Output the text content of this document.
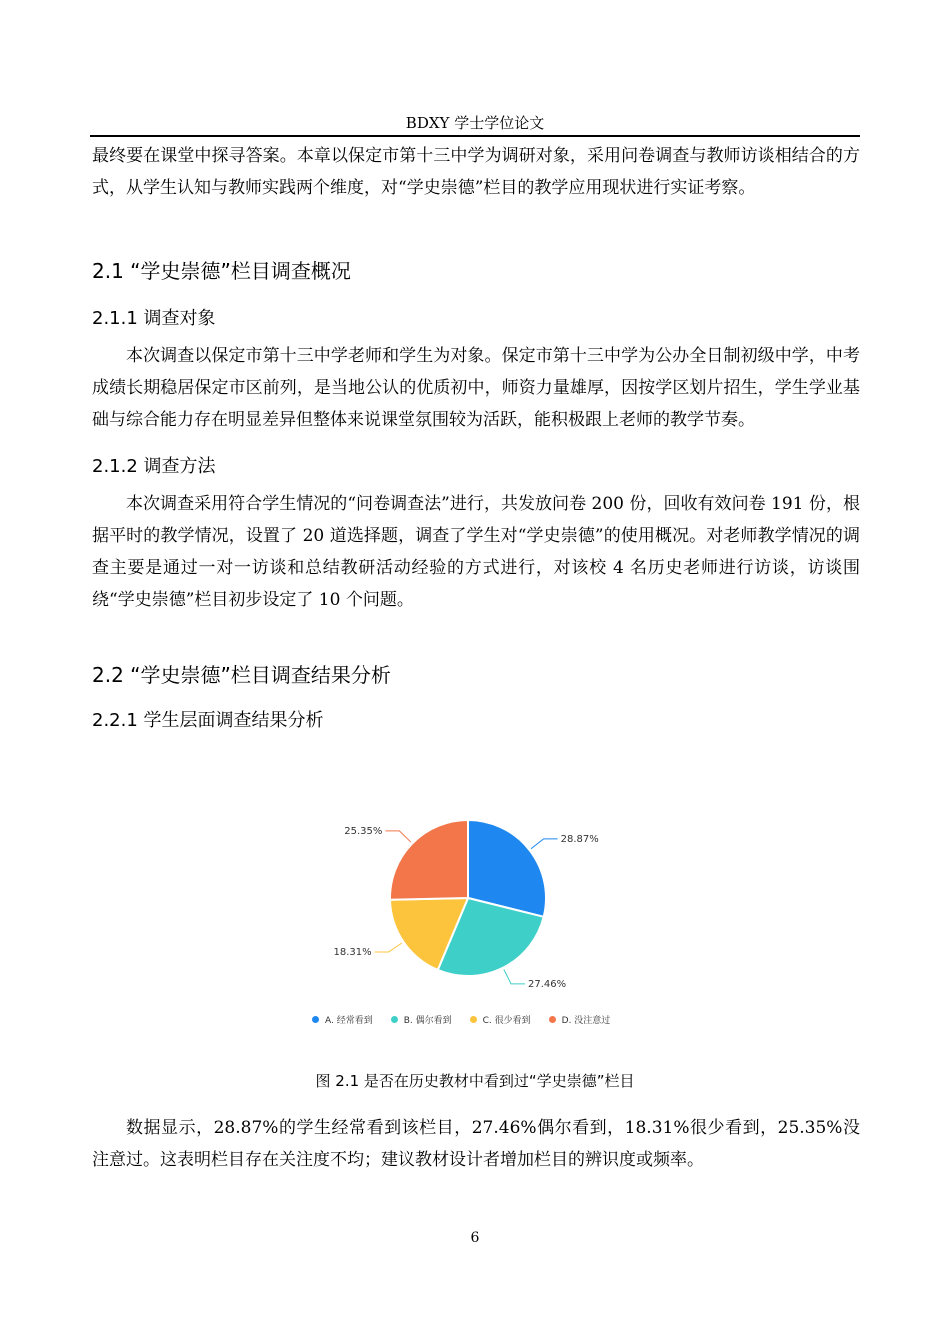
BDXY 学士学位论文

最终要在课堂中探寻答案。本章以保定市第十三中学为调研对象，采用问卷调查与教师访谈相结合的方式，从学生认知与教师实践两个维度，对“学史崇德”栏目的教学应用现状进行实证考察。

2.1 “学史崇德”栏目调查概况
2.1.1 调查对象

本次调查以保定市第十三中学老师和学生为对象。保定市第十三中学为公办全日制初级中学，中考成绩长期稳居保定市区前列，是当地公认的优质初中，师资力量雄厚，因按学区划片招生，学生学业基础与综合能力存在明显差异但整体来说课堂氛围较为活跃，能积极跟上老师的教学节奏。

2.1.2 调查方法

本次调查采用符合学生情况的“问卷调查法”进行，共发放问卷 200 份，回收有效问卷 191 份，根据平时的教学情况，设置了 20 道选择题，调查了学生对“学史崇德”的使用概况。对老师教学情况的调查主要是通过一对一访谈和总结教研活动经验的方式进行，对该校 4 名历史老师进行访谈，访谈围绕“学史崇德”栏目初步设定了 10 个问题。

2.2 “学史崇德”栏目调查结果分析
2.2.1 学生层面调查结果分析
28.87%
27.46%
18.31%
25.35%
A. 经常看到	B. 偶尔看到	C. 很少看到	D. 没注意过
图 2.1 是否在历史教材中看到过“学史崇德”栏目

数据显示，28.87%的学生经常看到该栏目，27.46%偶尔看到，18.31%很少看到，25.35%没注意过。这表明栏目存在关注度不均；建议教材设计者增加栏目的辨识度或频率。

6
